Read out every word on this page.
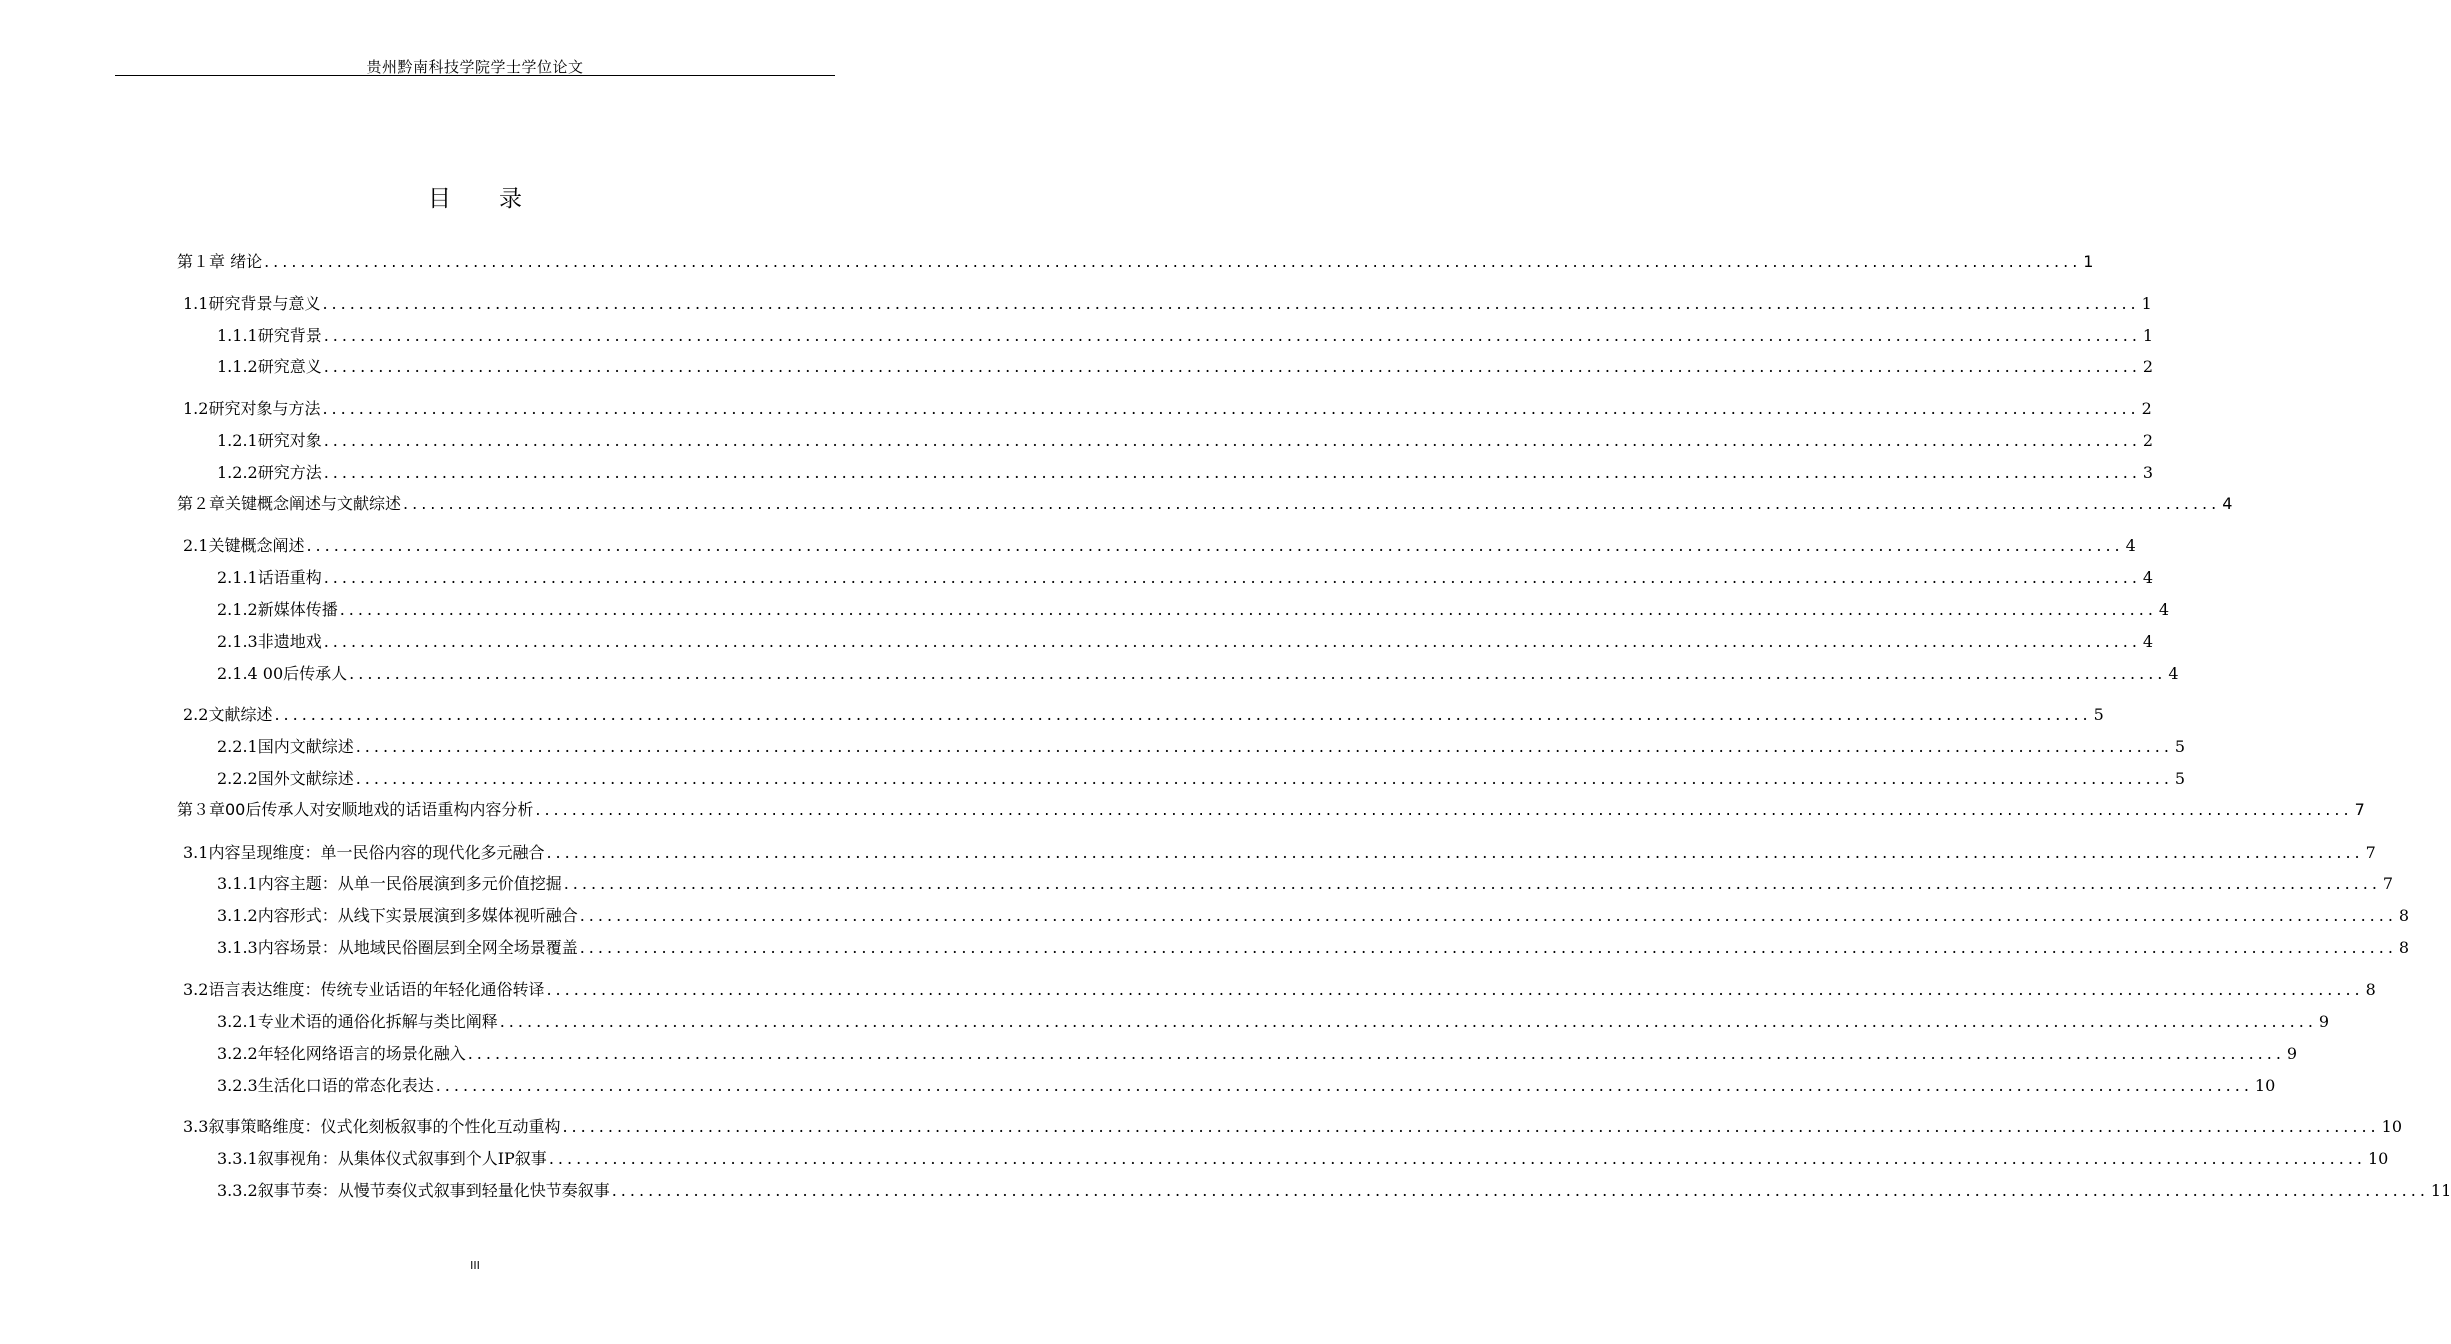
贵州黔南科技学院学士学位论文
目 录
第１章 绪论 ........................................................................................................................................................................................................ 1
1.1研究背景与意义 ........................................................................................................................................................................................................ 1
1.1.1研究背景 ........................................................................................................................................................................................................ 1
1.1.2研究意义 ........................................................................................................................................................................................................ 2
1.2研究对象与方法 ........................................................................................................................................................................................................ 2
1.2.1研究对象 ........................................................................................................................................................................................................ 2
1.2.2研究方法 ........................................................................................................................................................................................................ 3
第２章关键概念阐述与文献综述 ........................................................................................................................................................................................................ 4
2.1关键概念阐述 ........................................................................................................................................................................................................ 4
2.1.1话语重构 ........................................................................................................................................................................................................ 4
2.1.2新媒体传播 ........................................................................................................................................................................................................ 4
2.1.3非遗地戏 ........................................................................................................................................................................................................ 4
2.1.4 00后传承人 ........................................................................................................................................................................................................ 4
2.2文献综述 ........................................................................................................................................................................................................ 5
2.2.1国内文献综述 ........................................................................................................................................................................................................ 5
2.2.2国外文献综述 ........................................................................................................................................................................................................ 5
第３章00后传承人对安顺地戏的话语重构内容分析 ........................................................................................................................................................................................................ 7
3.1内容呈现维度：单一民俗内容的现代化多元融合 ........................................................................................................................................................................................................ 7
3.1.1内容主题：从单一民俗展演到多元价值挖掘 ........................................................................................................................................................................................................ 7
3.1.2内容形式：从线下实景展演到多媒体视听融合 ........................................................................................................................................................................................................ 8
3.1.3内容场景：从地域民俗圈层到全网全场景覆盖 ........................................................................................................................................................................................................ 8
3.2语言表达维度：传统专业话语的年轻化通俗转译 ........................................................................................................................................................................................................ 8
3.2.1专业术语的通俗化拆解与类比阐释 ........................................................................................................................................................................................................ 9
3.2.2年轻化网络语言的场景化融入 ........................................................................................................................................................................................................ 9
3.2.3生活化口语的常态化表达 ........................................................................................................................................................................................................ 10
3.3叙事策略维度：仪式化刻板叙事的个性化互动重构 ........................................................................................................................................................................................................ 10
3.3.1叙事视角：从集体仪式叙事到个人IP叙事 ........................................................................................................................................................................................................ 10
3.3.2叙事节奏：从慢节奏仪式叙事到轻量化快节奏叙事 ........................................................................................................................................................................................................ 11
III
